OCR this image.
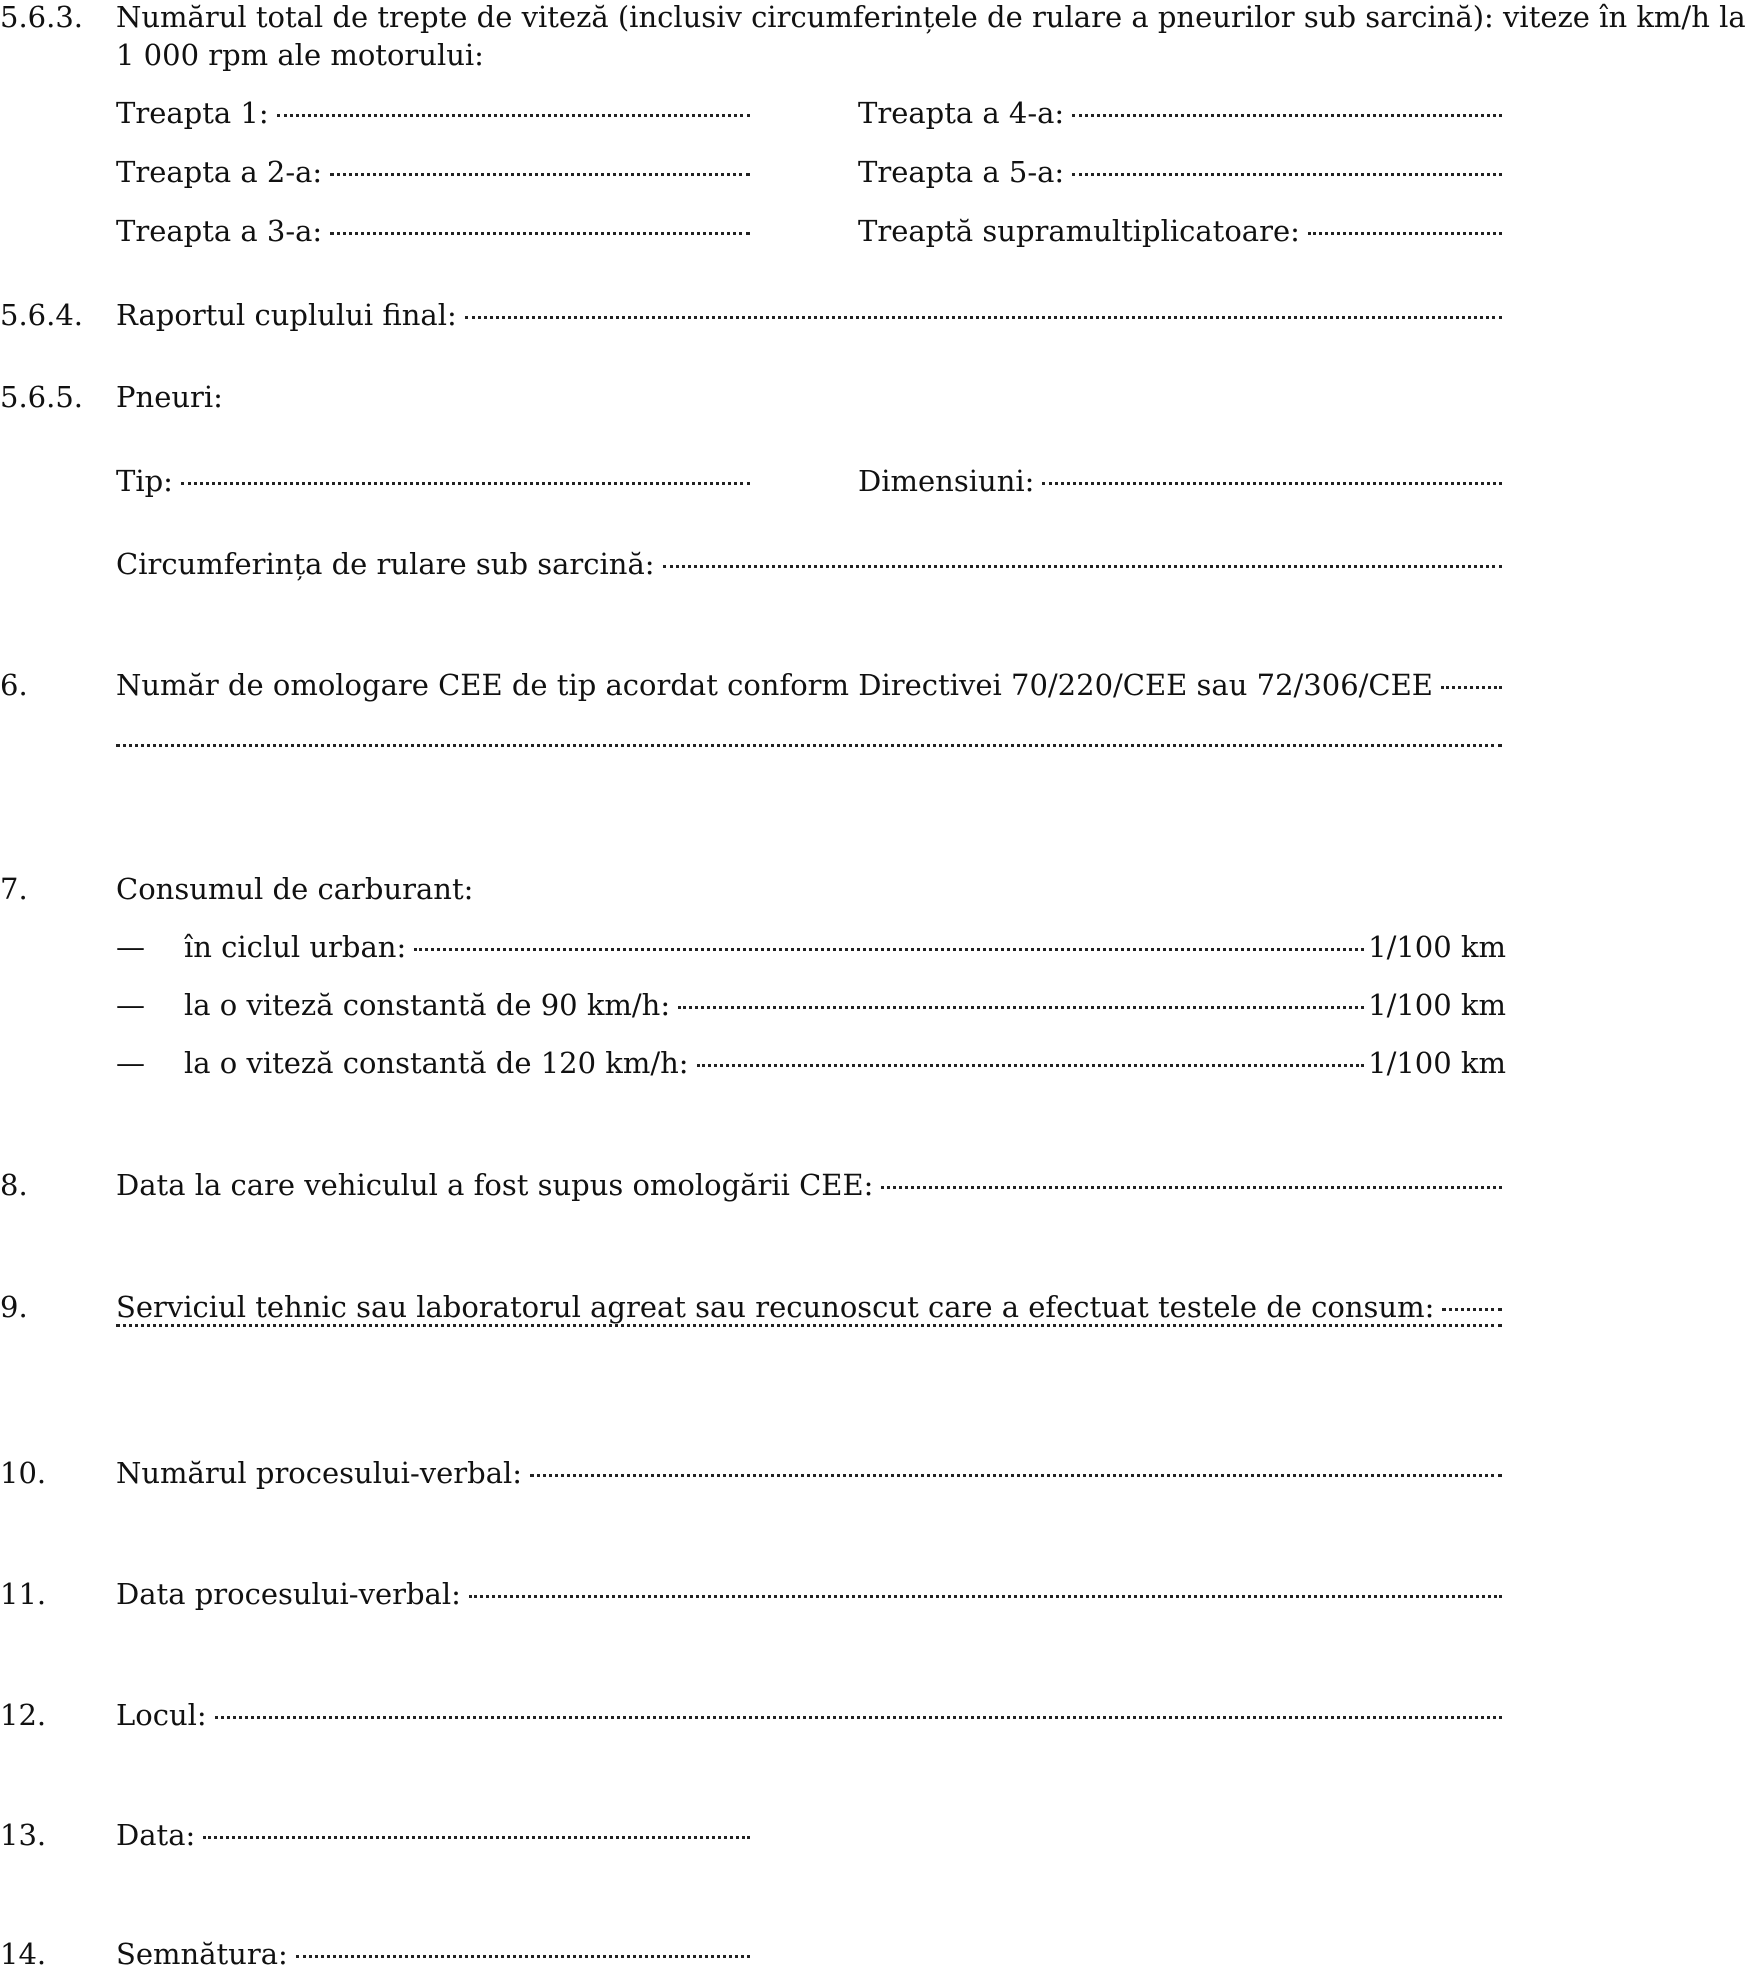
5.6.3. Numărul total de trepte de viteză (inclusiv circumferințele de rulare a pneurilor sub sarcină): viteze în km/h la
1 000 rpm ale motorului:
Treapta 1:	Treapta a 4-a:
Treapta a 2-a:	Treapta a 5-a:
Treapta a 3-a:	Treaptă supramultiplicatoare:
5.6.4. Raportul cuplului final:
5.6.5. Pneuri:
Tip:	Dimensiuni:
Circumferința de rulare sub sarcină:
6.	Număr de omologare CEE de tip acordat conform Directivei 70/220/CEE sau 72/306/CEE
7.	Consumul de carburant:
—	în ciclul urban:	1/100 km
—	la o viteză constantă de 90 km/h:	1/100 km
—	la o viteză constantă de 120 km/h:	1/100 km
8.	Data la care vehiculul a fost supus omologării CEE:
9.	Serviciul tehnic sau laboratorul agreat sau recunoscut care a efectuat testele de consum:
10. Numărul procesului-verbal:
11. Data procesului-verbal:
12. Locul:
13. Data:
14. Semnătura:
